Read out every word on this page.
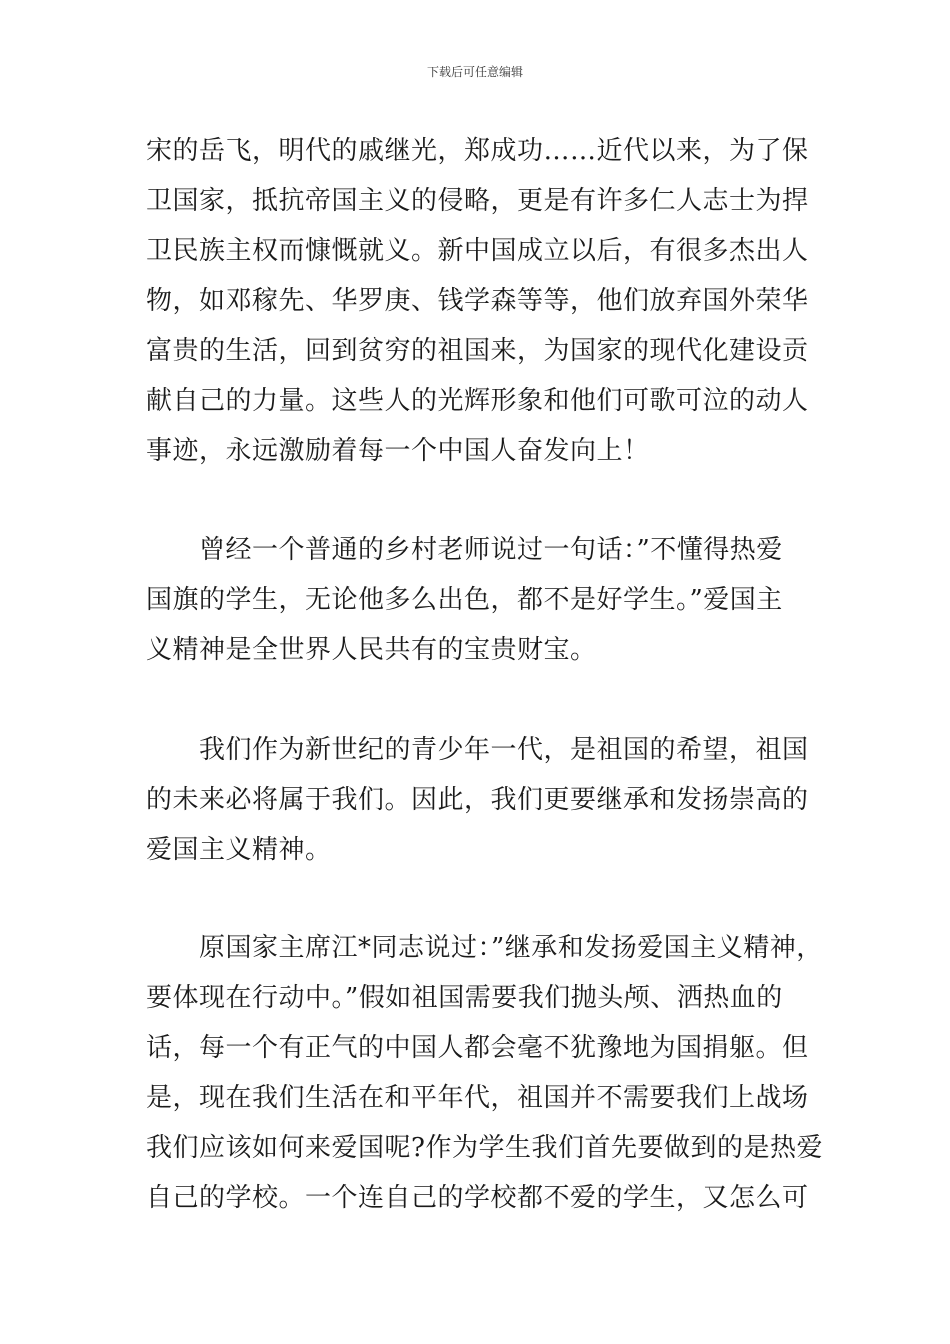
下载后可任意编辑
宋的岳飞，明代的戚继光，郑成功……近代以来，为了保
卫国家，抵抗帝国主义的侵略，更是有许多仁人志士为捍
卫民族主权而慷慨就义。新中国成立以后，有很多杰出人
物，如邓稼先、华罗庚、钱学森等等，他们放弃国外荣华
富贵的生活，回到贫穷的祖国来，为国家的现代化建设贡
献自己的力量。这些人的光辉形象和他们可歌可泣的动人
事迹，永远激励着每一个中国人奋发向上！
　　曾经一个普通的乡村老师说过一句话：”不懂得热爱
国旗的学生，无论他多么出色，都不是好学生。”爱国主
义精神是全世界人民共有的宝贵财宝。
　　我们作为新世纪的青少年一代，是祖国的希望，祖国
的未来必将属于我们。因此，我们更要继承和发扬崇高的
爱国主义精神。
　　原国家主席江*同志说过：”继承和发扬爱国主义精神，
要体现在行动中。”假如祖国需要我们抛头颅、洒热血的
话，每一个有正气的中国人都会毫不犹豫地为国捐躯。但
是，现在我们生活在和平年代，祖国并不需要我们上战场
我们应该如何来爱国呢?作为学生我们首先要做到的是热爱
自己的学校。一个连自己的学校都不爱的学生，又怎么可
